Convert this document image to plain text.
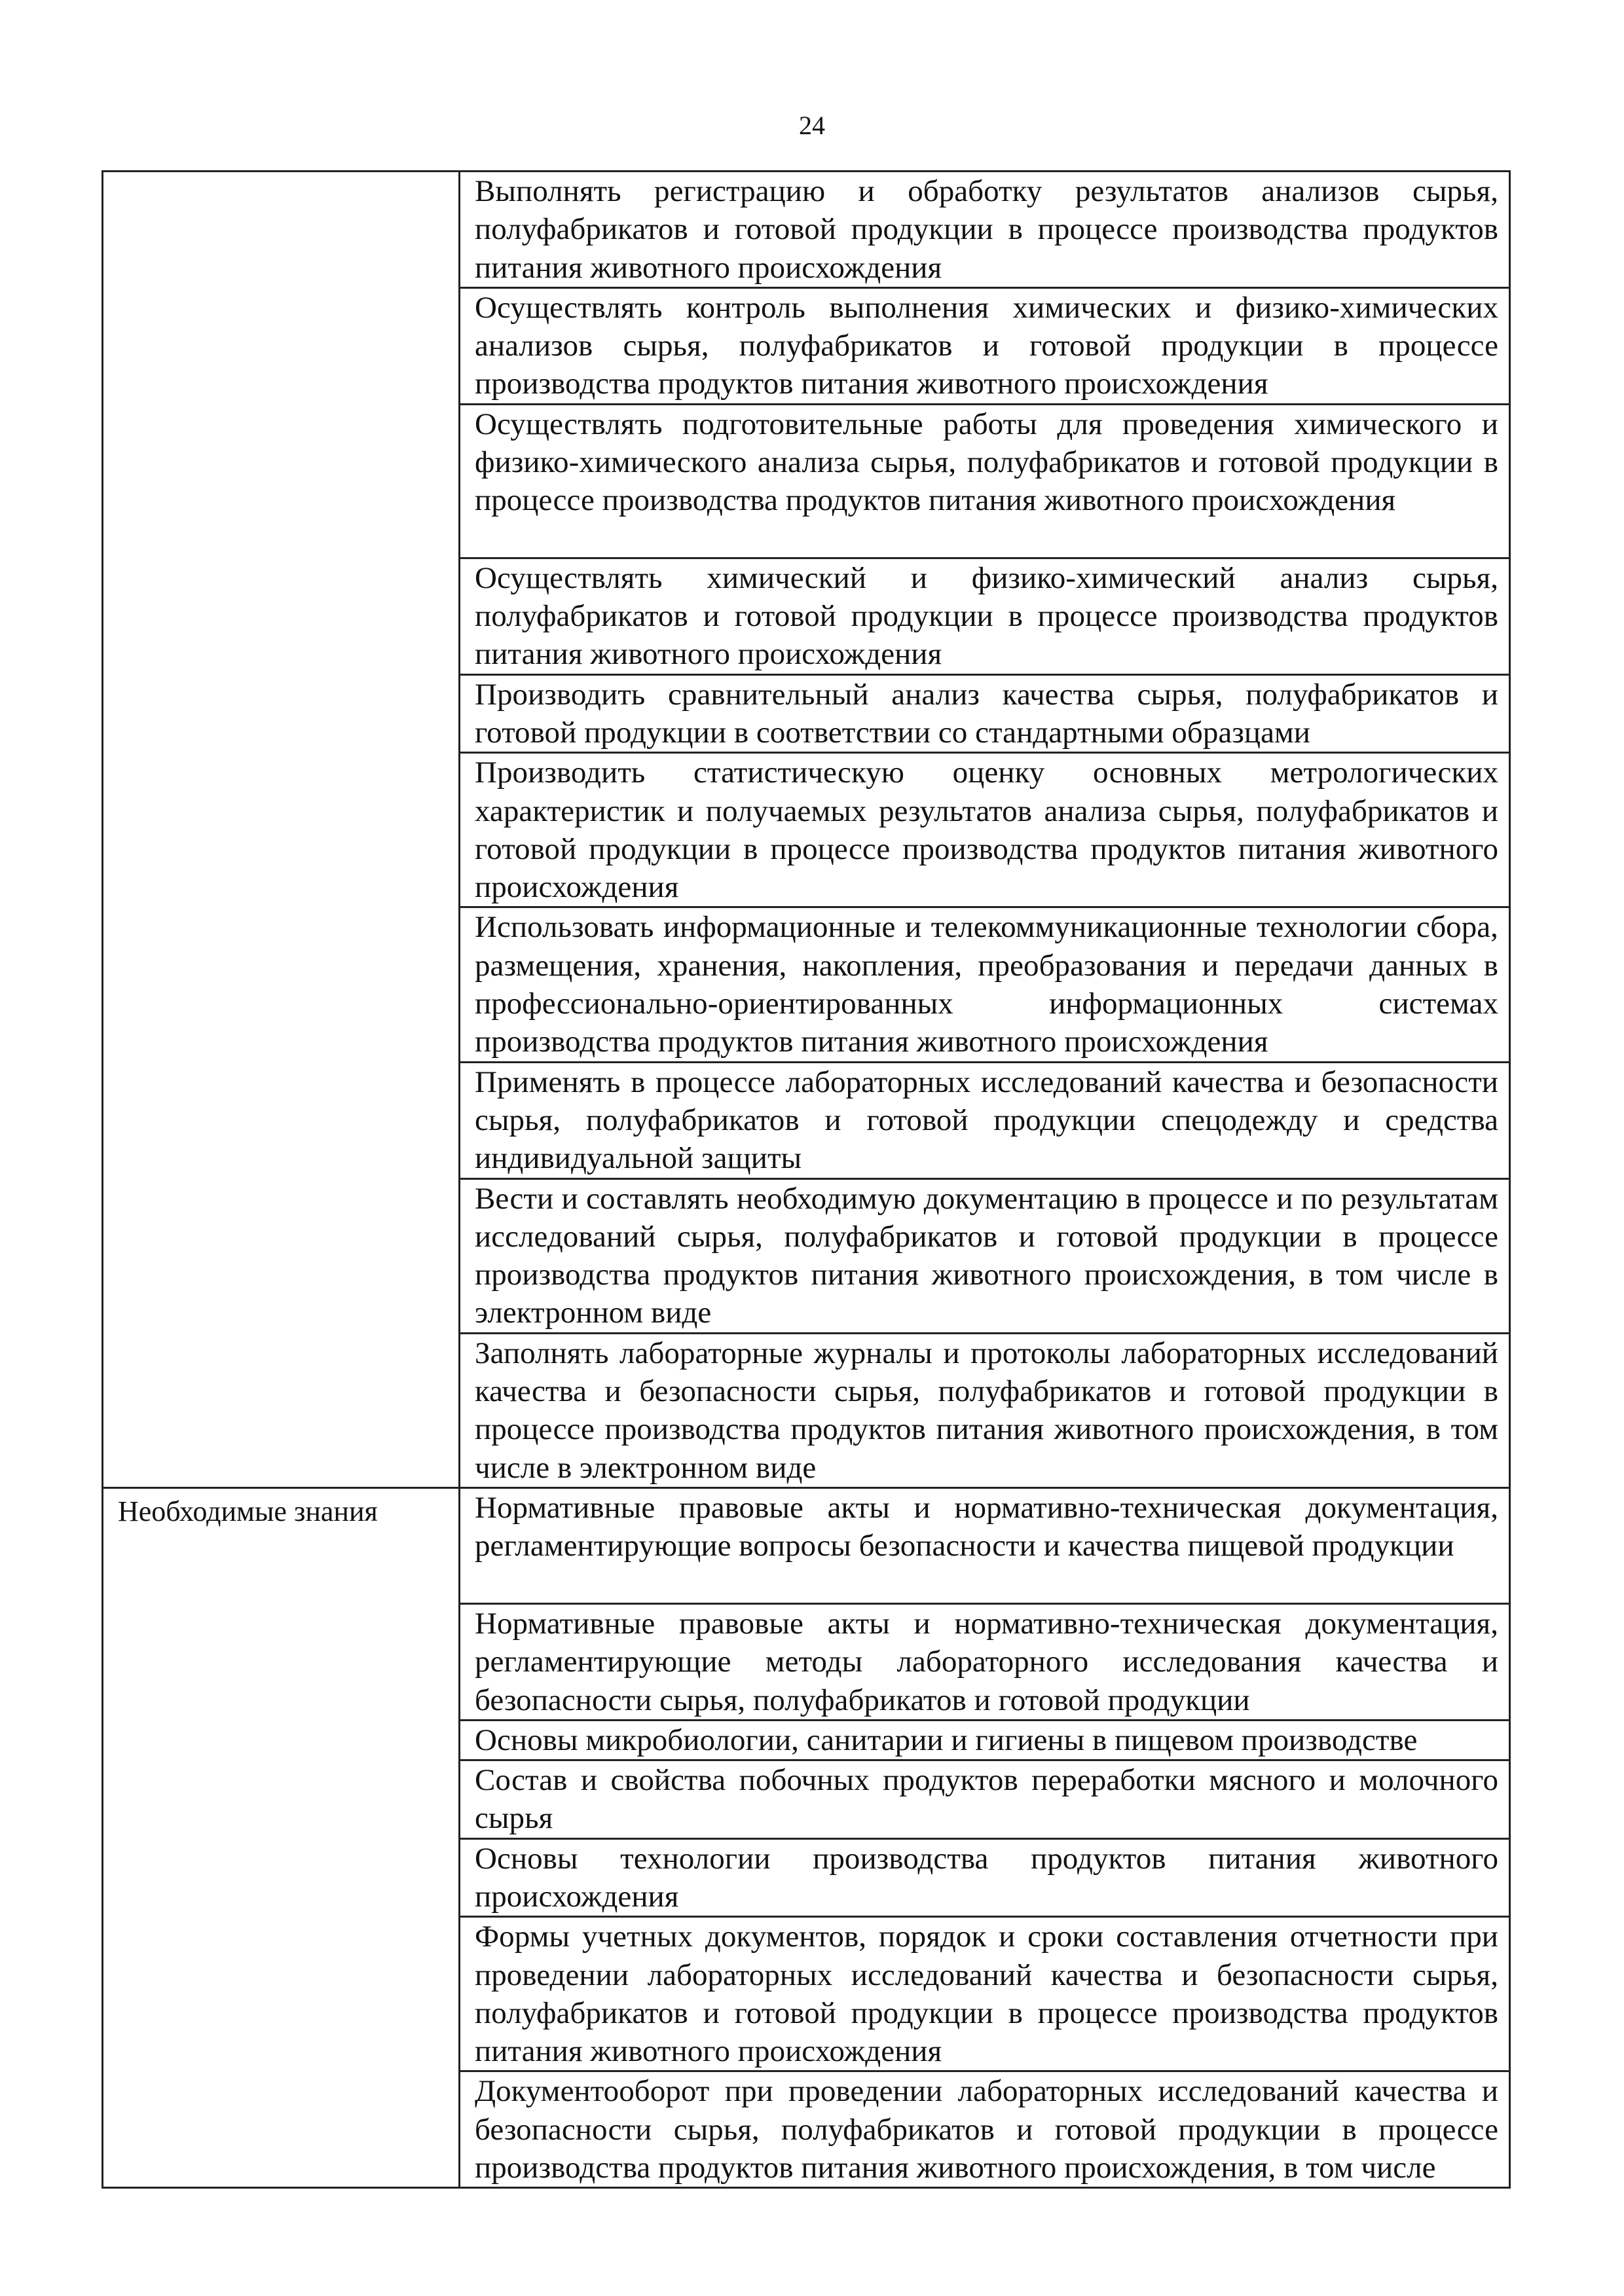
24
	Выполнять регистрацию и обработку результатов анализов сырья, полуфабрикатов и готовой продукции в процессе производства продуктов питания животного происхождения
	Осуществлять контроль выполнения химических и физико-химических анализов сырья, полуфабрикатов и готовой продукции в процессе производства продуктов питания животного происхождения
	Осуществлять подготовительные работы для проведения химического и физико-химического анализа сырья, полуфабрикатов и готовой продукции в процессе производства продуктов питания животного происхождения
	Осуществлять химический и физико-химический анализ сырья, полуфабрикатов и готовой продукции в процессе производства продуктов питания животного происхождения
	Производить сравнительный анализ качества сырья, полуфабрикатов и готовой продукции в соответствии со стандартными образцами
	Производить статистическую оценку основных метрологических характеристик и получаемых результатов анализа сырья, полуфабрикатов и готовой продукции в процессе производства продуктов питания животного происхождения
	Использовать информационные и телекоммуникационные технологии сбора, размещения, хранения, накопления, преобразования и передачи данных в профессионально-ориентированных информационных системах производства продуктов питания животного происхождения
	Применять в процессе лабораторных исследований качества и безопасности сырья, полуфабрикатов и готовой продукции спецодежду и средства индивидуальной защиты
	Вести и составлять необходимую документацию в процессе и по результатам исследований сырья, полуфабрикатов и готовой продукции в процессе производства продуктов питания животного происхождения, в том числе в электронном виде
	Заполнять лабораторные журналы и протоколы лабораторных исследований качества и безопасности сырья, полуфабрикатов и готовой продукции в процессе производства продуктов питания животного происхождения, в том числе в электронном виде
Необходимые знания	Нормативные правовые акты и нормативно-техническая документация, регламентирующие вопросы безопасности и качества пищевой продукции
	Нормативные правовые акты и нормативно-техническая документация, регламентирующие методы лабораторного исследования качества и безопасности сырья, полуфабрикатов и готовой продукции
	Основы микробиологии, санитарии и гигиены в пищевом производстве
	Состав и свойства побочных продуктов переработки мясного и молочного сырья
	Основы технологии производства продуктов питания животного происхождения
	Формы учетных документов, порядок и сроки составления отчетности при проведении лабораторных исследований качества и безопасности сырья, полуфабрикатов и готовой продукции в процессе производства продуктов питания животного происхождения
	Документооборот при проведении лабораторных исследований качества и безопасности сырья, полуфабрикатов и готовой продукции в процессе производства продуктов питания животного происхождения, в том числе
